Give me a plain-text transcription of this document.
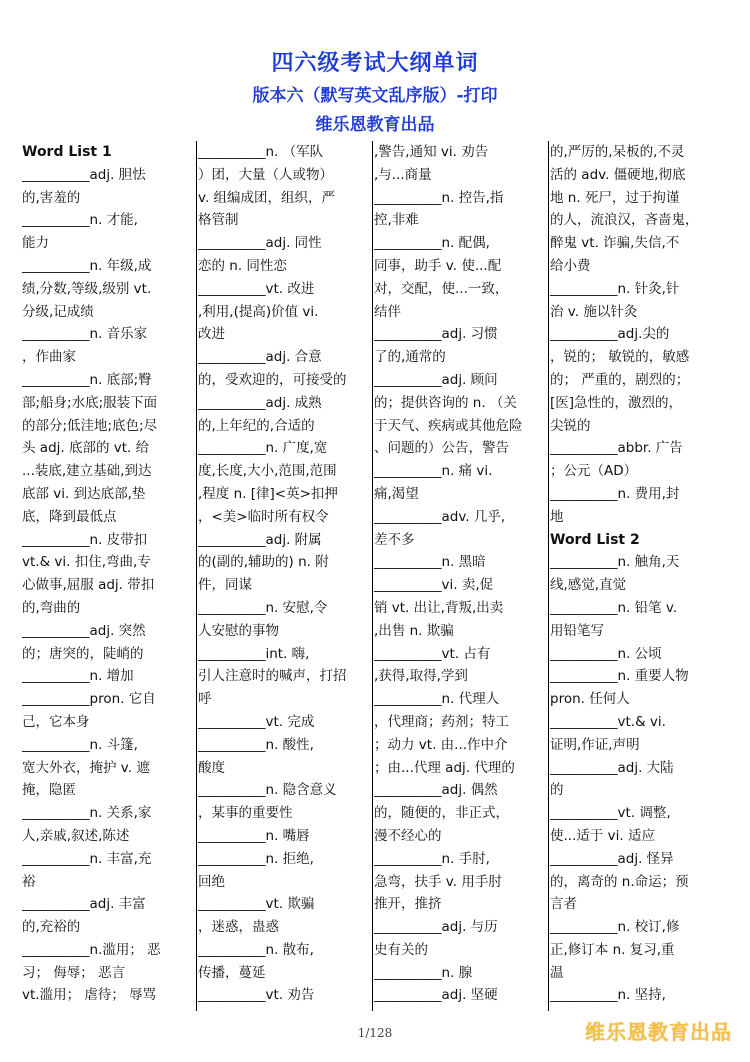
四六级考试大纲单词
版本六（默写英文乱序版）-打印
维乐恩教育出品
Word List 1
__________adj. 胆怯
的,害羞的
__________n. 才能,
能力
__________n. 年级,成
绩,分数,等级,级别 vt.
分级,记成绩
__________n. 音乐家
，作曲家
__________n. 底部;臀
部;船身;水底;服装下面
的部分;低洼地;底色;尽
头 adj. 底部的 vt. 给
...装底,建立基础,到达
底部 vi. 到达底部,垫
底，降到最低点
__________n. 皮带扣
vt.& vi. 扣住,弯曲,专
心做事,屈服 adj. 带扣
的,弯曲的
__________adj. 突然
的；唐突的，陡峭的
__________n. 增加
__________pron. 它自
己，它本身
__________n. 斗篷,
宽大外衣，掩护 v. 遮
掩，隐匿
__________n. 关系,家
人,亲戚,叙述,陈述
__________n. 丰富,充
裕
__________adj. 丰富
的,充裕的
__________n.滥用； 恶
习； 侮辱； 恶言
vt.滥用； 虐待； 辱骂
__________n. （军队
）团，大量（人或物）
v. 组编成团，组织，严
格管制
__________adj. 同性
恋的 n. 同性恋
__________vt. 改进
,利用,(提高)价值 vi.
改进
__________adj. 合意
的，受欢迎的，可接受的
__________adj. 成熟
的,上年纪的,合适的
__________n. 广度,宽
度,长度,大小,范围,范围
,程度 n. [律]<英>扣押
，<美>临时所有权令
__________adj. 附属
的(副的,辅助的) n. 附
件，同谋
__________n. 安慰,令
人安慰的事物
__________int. 嗨,
引人注意时的喊声，打招
呼
__________vt. 完成
__________n. 酸性,
酸度
__________n. 隐含意义
，某事的重要性
__________n. 嘴唇
__________n. 拒绝,
回绝
__________vt. 欺骗
，迷惑，蛊惑
__________n. 散布,
传播，蔓延
__________vt. 劝告
,警告,通知 vi. 劝告
,与...商量
__________n. 控告,指
控,非难
__________n. 配偶,
同事，助手 v. 使...配
对，交配，使...一致，
结伴
__________adj. 习惯
了的,通常的
__________adj. 顾问
的；提供咨询的 n. （关
于天气、疾病或其他危险
、问题的）公告，警告
__________n. 痛 vi.
痛,渴望
__________adv. 几乎,
差不多
__________n. 黑暗
__________vi. 卖,促
销 vt. 出让,背叛,出卖
,出售 n. 欺骗
__________vt. 占有
,获得,取得,学到
__________n. 代理人
，代理商；药剂；特工
；动力 vt. 由...作中介
；由...代理 adj. 代理的
__________adj. 偶然
的，随便的，非正式，
漫不经心的
__________n. 手肘,
急弯，扶手 v. 用手肘
推开，推挤
__________adj. 与历
史有关的
__________n. 腺
__________adj. 坚硬
的,严厉的,呆板的,不灵
活的 adv. 僵硬地,彻底
地 n. 死尸，过于拘谨
的人，流浪汉，吝啬鬼，
醉鬼 vt. 诈骗,失信,不
给小费
__________n. 针灸,针
治 v. 施以针灸
__________adj.尖的
，锐的； 敏锐的，敏感
的； 严重的，剧烈的；
[医]急性的，激烈的，
尖锐的
__________abbr. 广告
；公元（AD）
__________n. 费用,封
地
Word List 2
__________n. 触角,天
线,感觉,直觉
__________n. 铅笔 v.
用铅笔写
__________n. 公顷
__________n. 重要人物
pron. 任何人
__________vt.& vi.
证明,作证,声明
__________adj. 大陆
的
__________vt. 调整,
使...适于 vi. 适应
__________adj. 怪异
的，离奇的 n.命运；预
言者
__________n. 校订,修
正,修订本 n. 复习,重
温
__________n. 坚持,
1/128	维乐恩教育出品
